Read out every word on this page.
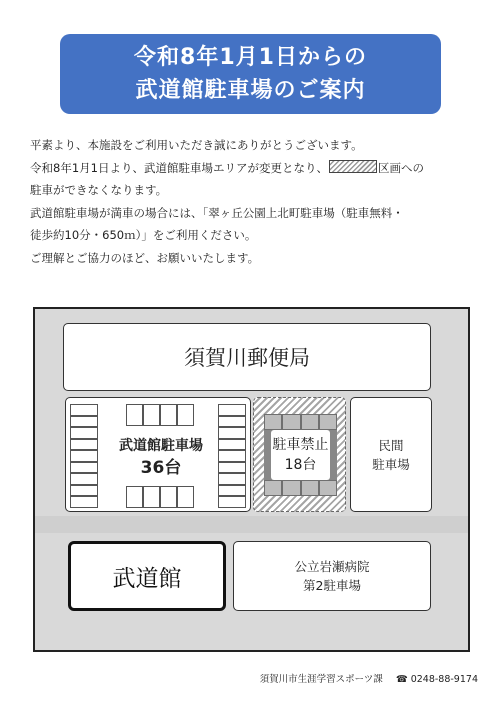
令和8年1月1日からの
武道館駐車場のご案内

平素より、本施設をご利用いただき誠にありがとうございます。

令和8年1月1日より、武道館駐車場エリアが変更となり、	区画への

駐車ができなくなります。

武道館駐車場が満車の場合には、「翠ヶ丘公園上北町駐車場（駐車無料・

徒歩約10分・650ｍ）」をご利用ください。

ご理解とご協力のほど、お願いいたします。

須賀川郵便局
武道館駐車場
36台
駐車禁止
18台
民間
駐車場
武道館	公立岩瀬病院
第2駐車場
須賀川市生涯学習スポーツ課 ☎ 0248-88-9174
